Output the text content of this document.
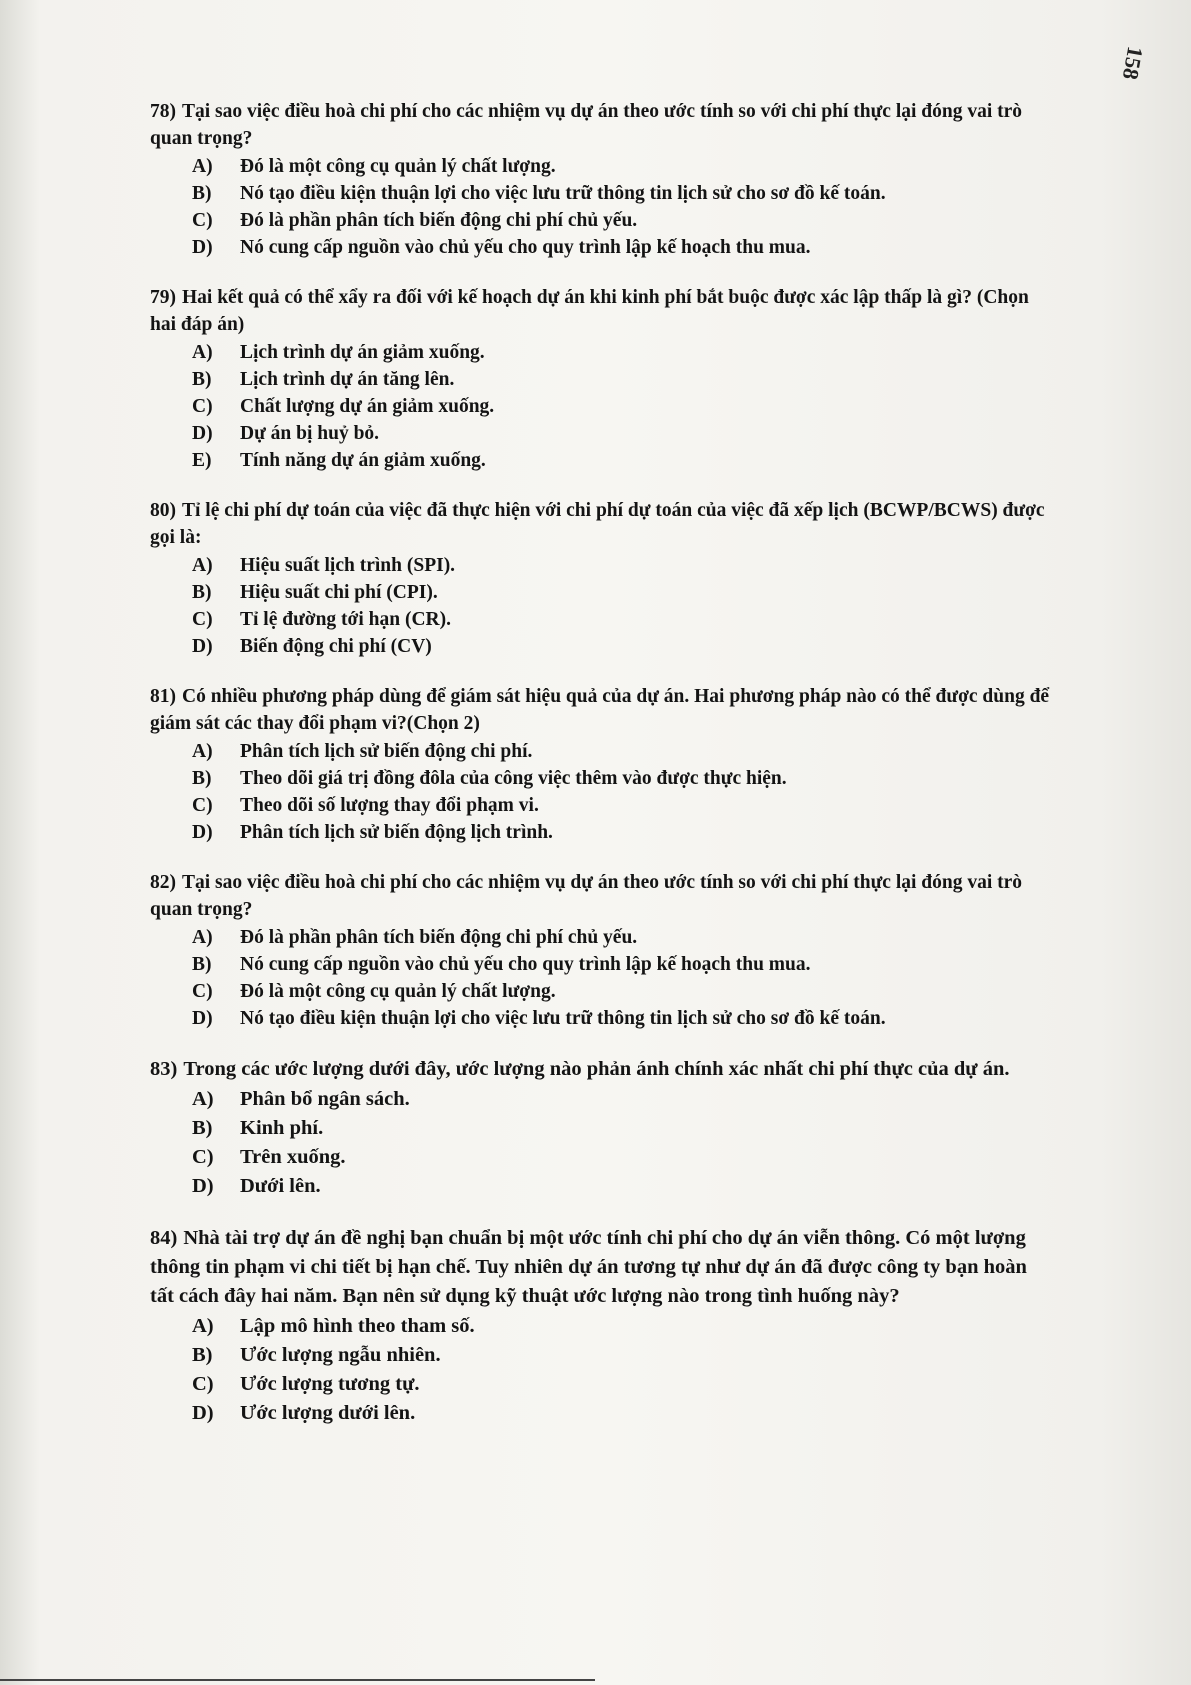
158

78) Tại sao việc điều hoà chi phí cho các nhiệm vụ dự án theo ước tính so với chi phí thực lại đóng vai trò quan trọng?

A)	Đó là một công cụ quản lý chất lượng.
B)	Nó tạo điều kiện thuận lợi cho việc lưu trữ thông tin lịch sử cho sơ đồ kế toán.
C)	Đó là phần phân tích biến động chi phí chủ yếu.
D)	Nó cung cấp nguồn vào chủ yếu cho quy trình lập kế hoạch thu mua.

79) Hai kết quả có thể xẩy ra đối với kế hoạch dự án khi kinh phí bắt buộc được xác lập thấp là gì? (Chọn hai đáp án)

A)	Lịch trình dự án giảm xuống.
B)	Lịch trình dự án tăng lên.
C)	Chất lượng dự án giảm xuống.
D)	Dự án bị huỷ bỏ.
E)	Tính năng dự án giảm xuống.

80) Tỉ lệ chi phí dự toán của việc đã thực hiện với chi phí dự toán của việc đã xếp lịch (BCWP/BCWS) được gọi là:

A)	Hiệu suất lịch trình (SPI).
B)	Hiệu suất chi phí (CPI).
C)	Tỉ lệ đường tới hạn (CR).
D)	Biến động chi phí (CV)

81) Có nhiều phương pháp dùng để giám sát hiệu quả của dự án. Hai phương pháp nào có thể được dùng để giám sát các thay đổi phạm vi?(Chọn 2)

A)	Phân tích lịch sử biến động chi phí.
B)	Theo dõi giá trị đồng đôla của công việc thêm vào được thực hiện.
C)	Theo dõi số lượng thay đổi phạm vi.
D)	Phân tích lịch sử biến động lịch trình.

82) Tại sao việc điều hoà chi phí cho các nhiệm vụ dự án theo ước tính so với chi phí thực lại đóng vai trò quan trọng?

A)	Đó là phần phân tích biến động chi phí chủ yếu.
B)	Nó cung cấp nguồn vào chủ yếu cho quy trình lập kế hoạch thu mua.
C)	Đó là một công cụ quản lý chất lượng.
D)	Nó tạo điều kiện thuận lợi cho việc lưu trữ thông tin lịch sử cho sơ đồ kế toán.

83) Trong các ước lượng dưới đây, ước lượng nào phản ánh chính xác nhất chi phí thực của dự án.

A)	Phân bổ ngân sách.
B)	Kinh phí.
C)	Trên xuống.
D)	Dưới lên.

84) Nhà tài trợ dự án đề nghị bạn chuẩn bị một ước tính chi phí cho dự án viễn thông. Có một lượng thông tin phạm vi chi tiết bị hạn chế. Tuy nhiên dự án tương tự như dự án đã được công ty bạn hoàn tất cách đây hai năm. Bạn nên sử dụng kỹ thuật ước lượng nào trong tình huống này?

A)	Lập mô hình theo tham số.
B)	Ước lượng ngẫu nhiên.
C)	Ước lượng tương tự.
D)	Ước lượng dưới lên.
